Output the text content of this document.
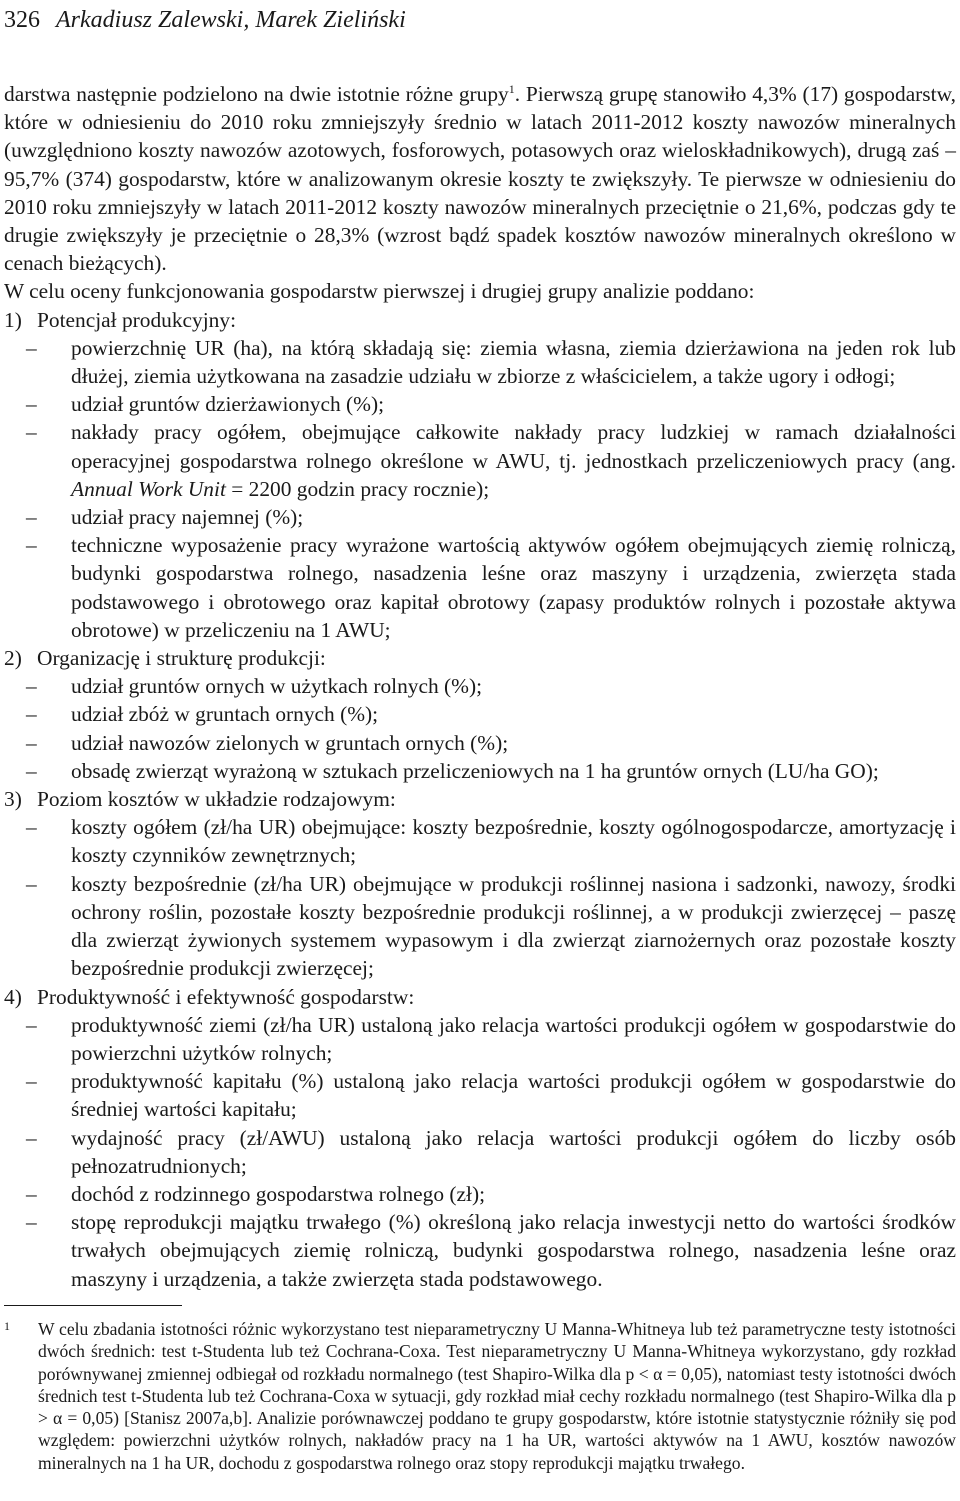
326 Arkadiusz Zalewski, Marek Zieliński

darstwa następnie podzielono na dwie istotnie różne grupy$^1$. Pierwszą grupę stanowiło 4,3% (17) gospodarstw, które w odniesieniu do 2010 roku zmniejszyły średnio w latach 2011-2012 koszty nawozów mineralnych (uwzględniono koszty nawozów azotowych, fosforowych, potasowych oraz wieloskładnikowych), drugą zaś – 95,7% (374) gospodarstw, które w analizowanym okresie koszty te zwiększyły. Te pierwsze w odniesieniu do 2010 roku zmniejszyły w latach 2011-2012 koszty nawozów mineralnych przeciętnie o 21,6%, podczas gdy te drugie zwiększyły je przeciętnie o 28,3% (wzrost bądź spadek kosztów nawozów mineralnych określono w cenach bieżących).

W celu oceny funkcjonowania gospodarstw pierwszej i drugiej grupy analizie poddano:

1) Potencjał produkcyjny:
–	powierzchnię UR (ha), na którą składają się: ziemia własna, ziemia dzierżawiona na jeden rok lub dłużej, ziemia użytkowana na zasadzie udziału w zbiorze z właścicielem, a także ugory i odłogi;
–	udział gruntów dzierżawionych (%);
–	nakłady pracy ogółem, obejmujące całkowite nakłady pracy ludzkiej w ramach działalności operacyjnej gospodarstwa rolnego określone w AWU, tj. jednostkach przeliczeniowych pracy (ang. Annual Work Unit = 2200 godzin pracy rocznie);
–	udział pracy najemnej (%);
–	techniczne wyposażenie pracy wyrażone wartością aktywów ogółem obejmujących ziemię rolniczą, budynki gospodarstwa rolnego, nasadzenia leśne oraz maszyny i urządzenia, zwierzęta stada podstawowego i obrotowego oraz kapitał obrotowy (zapasy produktów rolnych i pozostałe aktywa obrotowe) w przeliczeniu na 1 AWU;
2) Organizację i strukturę produkcji:
–	udział gruntów ornych w użytkach rolnych (%);
–	udział zbóż w gruntach ornych (%);
–	udział nawozów zielonych w gruntach ornych (%);
–	obsadę zwierząt wyrażoną w sztukach przeliczeniowych na 1 ha gruntów ornych (LU/ha GO);
3) Poziom kosztów w układzie rodzajowym:
–	koszty ogółem (zł/ha UR) obejmujące: koszty bezpośrednie, koszty ogólnogospodarcze, amortyzację i koszty czynników zewnętrznych;
–	koszty bezpośrednie (zł/ha UR) obejmujące w produkcji roślinnej nasiona i sadzonki, nawozy, środki ochrony roślin, pozostałe koszty bezpośrednie produkcji roślinnej, a w produkcji zwierzęcej – paszę dla zwierząt żywionych systemem wypasowym i dla zwierząt ziarnożernych oraz pozostałe koszty bezpośrednie produkcji zwierzęcej;
4) Produktywność i efektywność gospodarstw:
–	produktywność ziemi (zł/ha UR) ustaloną jako relacja wartości produkcji ogółem w gospodarstwie do powierzchni użytków rolnych;
–	produktywność kapitału (%) ustaloną jako relacja wartości produkcji ogółem w gospodarstwie do średniej wartości kapitału;
–	wydajność pracy (zł/AWU) ustaloną jako relacja wartości produkcji ogółem do liczby osób pełnozatrudnionych;
–	dochód z rodzinnego gospodarstwa rolnego (zł);
–	stopę reprodukcji majątku trwałego (%) określoną jako relacja inwestycji netto do wartości środków trwałych obejmujących ziemię rolniczą, budynki gospodarstwa rolnego, nasadzenia leśne oraz maszyny i urządzenia, a także zwierzęta stada podstawowego.
1	W celu zbadania istotności różnic wykorzystano test nieparametryczny U Manna-Whitneya lub też parametryczne testy istotności dwóch średnich: test t-Studenta lub też Cochrana-Coxa. Test nieparametryczny U Manna-Whitneya wykorzystano, gdy rozkład porównywanej zmiennej odbiegał od rozkładu normalnego (test Shapiro-Wilka dla p < α = 0,05), natomiast testy istotności dwóch średnich test t-Studenta lub też Cochrana-Coxa w sytuacji, gdy rozkład miał cechy rozkładu normalnego (test Shapiro-Wilka dla p > α = 0,05) [Stanisz 2007a,b]. Analizie porównawczej poddano te grupy gospodarstw, które istotnie statystycznie różniły się pod względem: powierzchni użytków rolnych, nakładów pracy na 1 ha UR, wartości aktywów na 1 AWU, kosztów nawozów mineralnych na 1 ha UR, dochodu z gospodarstwa rolnego oraz stopy reprodukcji majątku trwałego.
